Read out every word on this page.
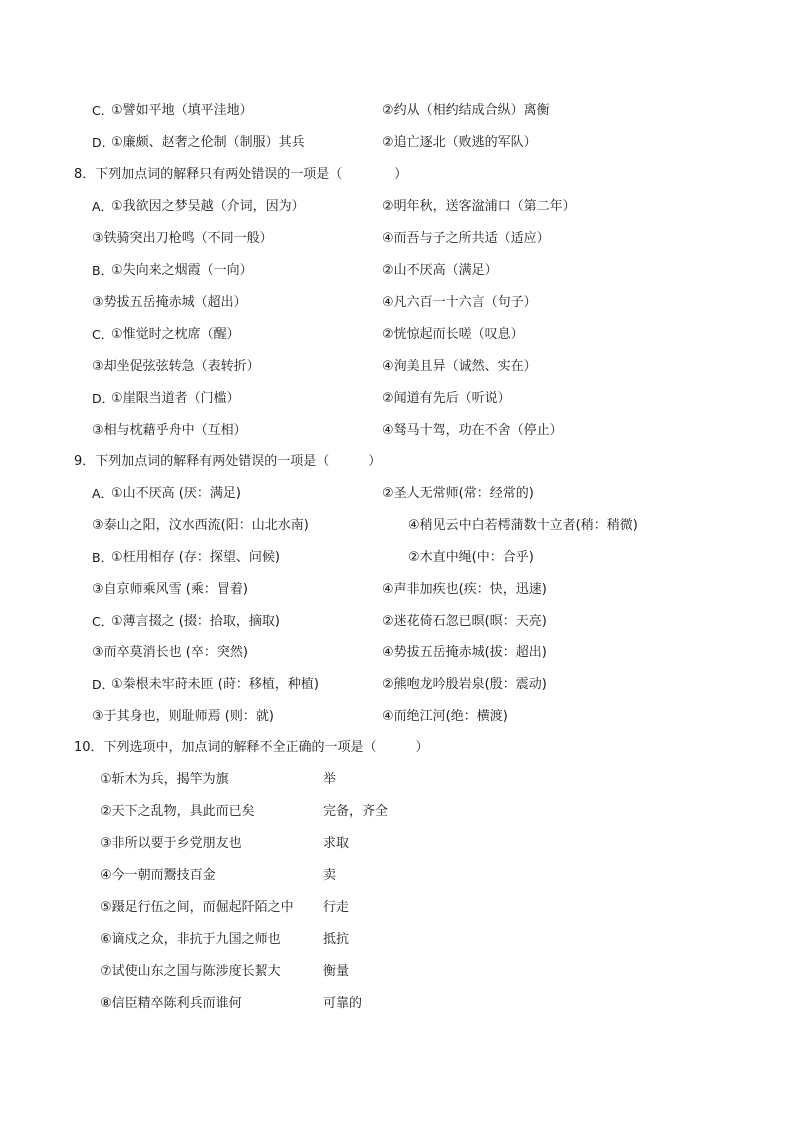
C. ①譬如平地（填平洼地）	②约从（相约结成合纵）离衡
D. ①廉颇、赵奢之伦制（制服）其兵	②追亡逐北（败逃的军队）
8．下列加点词的解释只有两处错误的一项是（　　　　）
A．
①我欲因之梦吴越（介词，因为）	②明年秋，送客湓浦口（第二年）
③铁骑突出刀枪鸣（不同一般）	④而吾与子之所共适（适应）
B．
①失向来之烟霞（一向）	②山不厌高（满足）
③势拔五岳掩赤城（超出）	④凡六百一十六言（句子）
C．
①惟觉时之枕席（醒）	②恍惊起而长嗟（叹息）
③却坐促弦弦转急（表转折）	④洵美且异（诚然、实在）
D．
①崖限当道者（门槛）	②闻道有先后（听说）
③相与枕藉乎舟中（互相）	④驽马十驾，功在不舍（停止）
9．下列加点词的解释有两处错误的一项是（　　　）
A．
①山不厌高 (厌：满足)	②圣人无常师(常：经常的)
③泰山之阳，汶水西流(阳：山北水南)	④稍见云中白若樗蒲数十立者(稍：稍微)
B．
①枉用相存 (存：探望、问候)	②木直中绳(中：合乎)
③自京师乘风雪 (乘：冒着)	④声非加疾也(疾：快，迅速)
C．
①薄言掇之 (掇：拾取，摘取)	②迷花倚石忽已暝(暝：天亮)
③而卒莫消长也 (卒：突然)	④势拔五岳掩赤城(拔：超出)
D．
①桊根未牢莳未匝 (莳：移植，种植)	②熊咆龙吟殷岩泉(殷：震动)
③于其身也，则耻师焉 (则：就)	④而绝江河(绝：横渡)
10．下列选项中，加点词的解释不全正确的一项是（　　　）
①斩木为兵，揭竿为旗	举
②天下之乱物，具此而已矣	完备，齐全
③非所以要于乡党朋友也	求取
④今一朝而鬻技百金	卖
⑤蹑足行伍之间，而倔起阡陌之中 行走
⑥谪戍之众，非抗于九国之师也	抵抗
⑦试使山东之国与陈涉度长絜大	衡量
⑧信臣精卒陈利兵而谁何	可靠的
